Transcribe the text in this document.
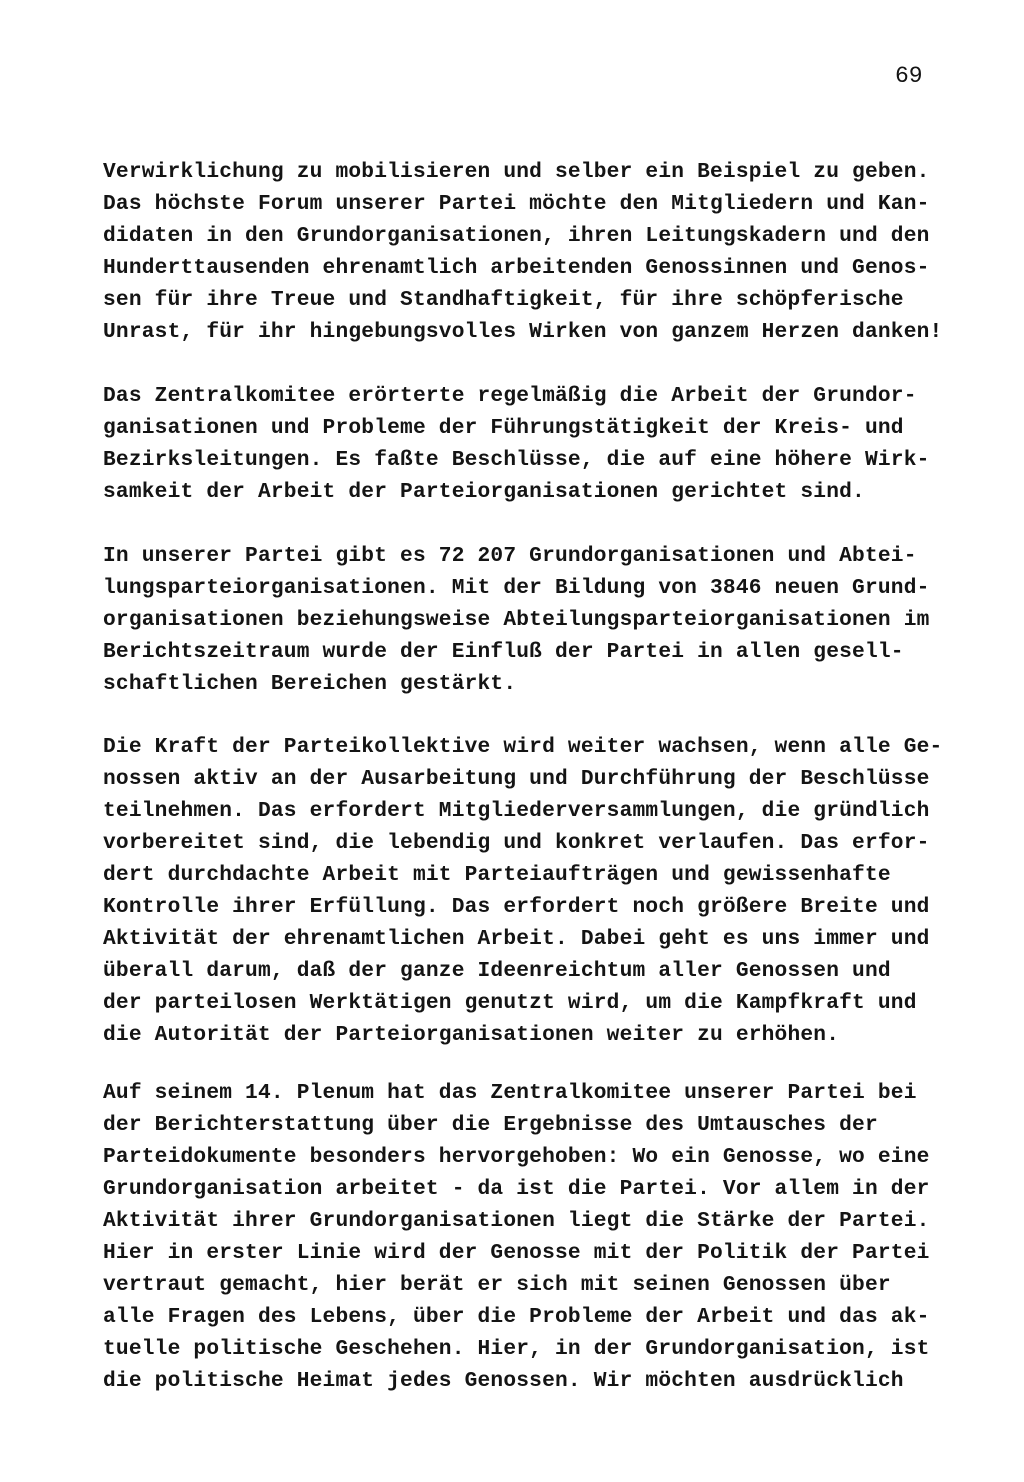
69
Verwirklichung zu mobilisieren und selber ein Beispiel zu geben.
Das höchste Forum unserer Partei möchte den Mitgliedern und Kan-
didaten in den Grundorganisationen, ihren Leitungskadern und den
Hunderttausenden ehrenamtlich arbeitenden Genossinnen und Genos-
sen für ihre Treue und Standhaftigkeit, für ihre schöpferische
Unrast, für ihr hingebungsvolles Wirken von ganzem Herzen danken!
Das Zentralkomitee erörterte regelmäßig die Arbeit der Grundor-
ganisationen und Probleme der Führungstätigkeit der Kreis- und
Bezirksleitungen. Es faßte Beschlüsse, die auf eine höhere Wirk-
samkeit der Arbeit der Parteiorganisationen gerichtet sind.
In unserer Partei gibt es 72 207 Grundorganisationen und Abtei-
lungsparteiorganisationen. Mit der Bildung von 3846 neuen Grund-
organisationen beziehungsweise Abteilungsparteiorganisationen im
Berichtszeitraum wurde der Einfluß der Partei in allen gesell-
schaftlichen Bereichen gestärkt.
Die Kraft der Parteikollektive wird weiter wachsen, wenn alle Ge-
nossen aktiv an der Ausarbeitung und Durchführung der Beschlüsse
teilnehmen. Das erfordert Mitgliederversammlungen, die gründlich
vorbereitet sind, die lebendig und konkret verlaufen. Das erfor-
dert durchdachte Arbeit mit Parteiaufträgen und gewissenhafte
Kontrolle ihrer Erfüllung. Das erfordert noch größere Breite und
Aktivität der ehrenamtlichen Arbeit. Dabei geht es uns immer und
überall darum, daß der ganze Ideenreichtum aller Genossen und
der parteilosen Werktätigen genutzt wird, um die Kampfkraft und
die Autorität der Parteiorganisationen weiter zu erhöhen.
Auf seinem 14. Plenum hat das Zentralkomitee unserer Partei bei
der Berichterstattung über die Ergebnisse des Umtausches der
Parteidokumente besonders hervorgehoben: Wo ein Genosse, wo eine
Grundorganisation arbeitet - da ist die Partei. Vor allem in der
Aktivität ihrer Grundorganisationen liegt die Stärke der Partei.
Hier in erster Linie wird der Genosse mit der Politik der Partei
vertraut gemacht, hier berät er sich mit seinen Genossen über
alle Fragen des Lebens, über die Probleme der Arbeit und das ak-
tuelle politische Geschehen. Hier, in der Grundorganisation, ist
die politische Heimat jedes Genossen. Wir möchten ausdrücklich
